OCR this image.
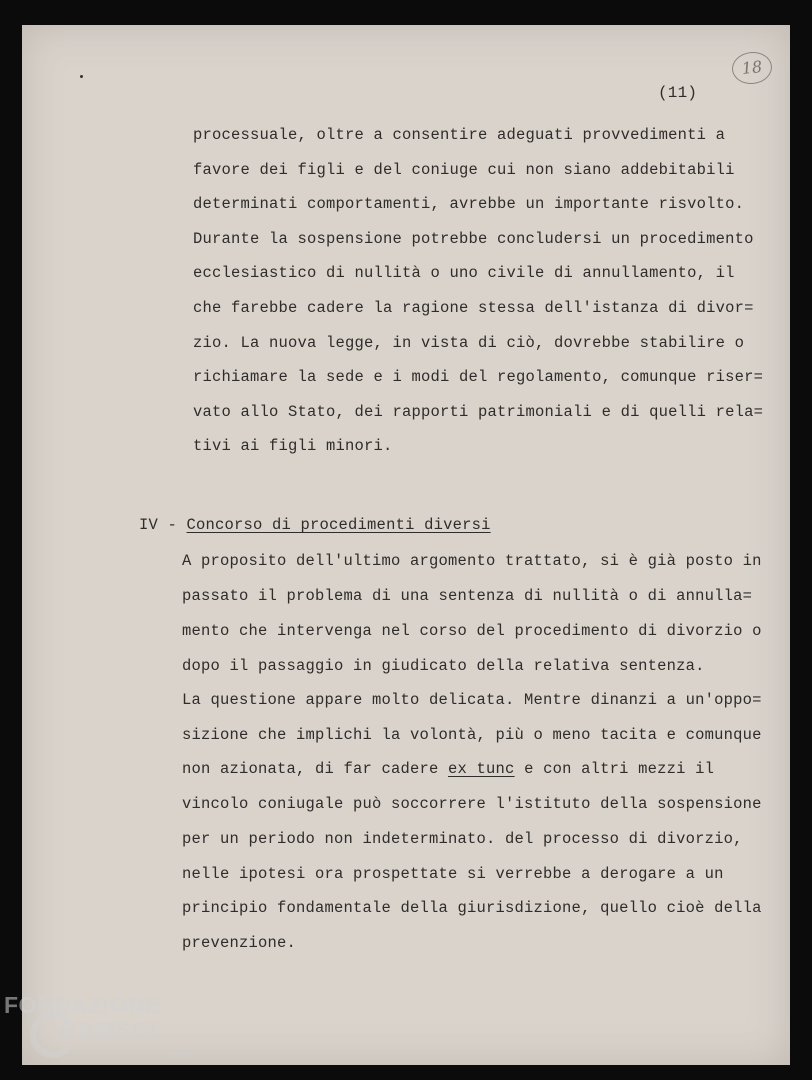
18
(11)
processuale, oltre a consentire adeguati provvedimenti a
favore dei figli e del coniuge cui non siano addebitabili
determinati comportamenti, avrebbe un importante risvolto.
Durante la sospensione potrebbe concludersi un procedimento
ecclesiastico di nullità o uno civile di annullamento, il
che farebbe cadere la ragione stessa dell'istanza di divor=
zio. La nuova legge, in vista di ciò, dovrebbe stabilire o
richiamare la sede e i modi del regolamento, comunque riser=
vato allo Stato, dei rapporti patrimoniali e di quelli rela=
tivi ai figli minori.
IV - Concorso di procedimenti diversi
A proposito dell'ultimo argomento trattato, si è già posto in
passato il problema di una sentenza di nullità o di annulla=
mento che intervenga nel corso del procedimento di divorzio o
dopo il passaggio in giudicato della relativa sentenza.
La questione appare molto delicata. Mentre dinanzi a un'oppo=
sizione che implichi la volontà, più o meno tacita e comunque
non azionata, di far cadere ex tunc e con altri mezzi il
vincolo coniugale può soccorrere l'istituto della sospensione
per un periodo non indeterminato. del processo di divorzio,
nelle ipotesi ora prospettate si verrebbe a derogare a un
principio fondamentale della giurisdizione, quello cioè della
prevenzione.
FONDAZIONE
RAMSCI
onlus
